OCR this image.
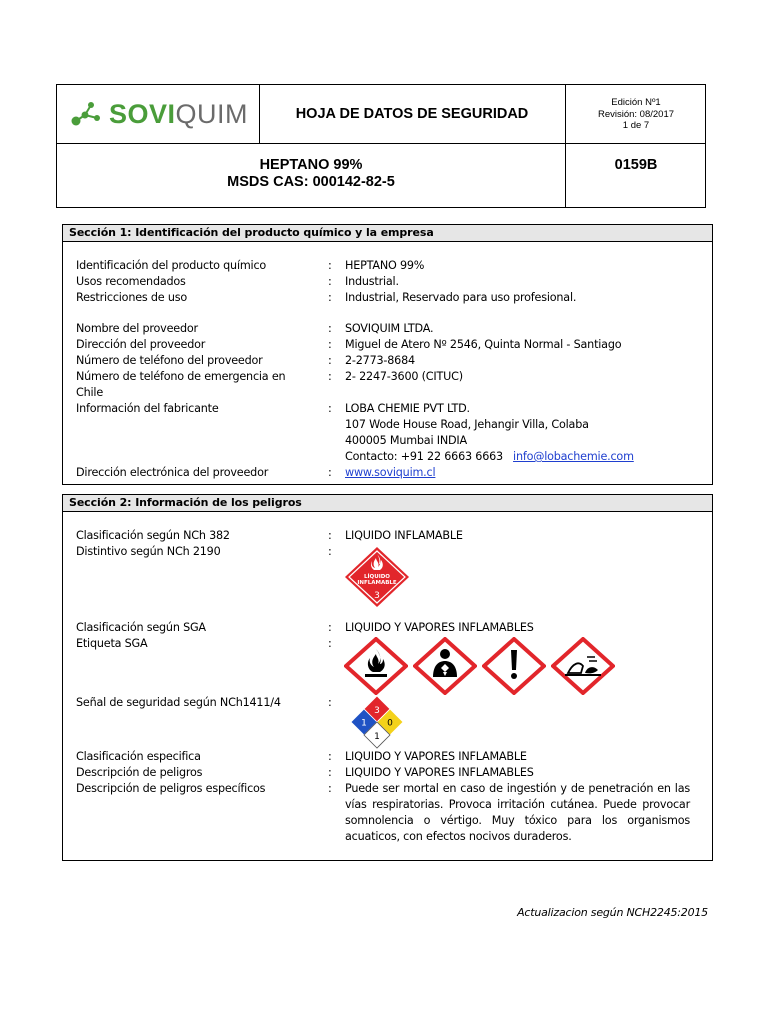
SOVIQUIM	HOJA DE DATOS DE SEGURIDAD
Edición Nº1
Revisión: 08/2017
1 de 7
HEPTANO 99%
MSDS CAS: 000142-82-5
0159B
Sección 1: Identificación del producto químico y la empresa
Identificación del producto químico	: HEPTANO 99%
Usos recomendados	: Industrial.
Restricciones de uso	: Industrial, Reservado para uso profesional.
Nombre del proveedor	: SOVIQUIM LTDA.
Dirección del proveedor	: Miguel de Atero Nº 2546, Quinta Normal - Santiago
Número de teléfono del proveedor	: 2-2773-8684
Número de teléfono de emergencia en Chile
: 2- 2247-3600 (CITUC)
Información del fabricante	: LOBA CHEMIE PVT LTD.
107 Wode House Road, Jehangir Villa, Colaba
400005 Mumbai INDIA
Contacto: +91 22 6663 6663 info@lobachemie.com
Dirección electrónica del proveedor	: www.soviquim.cl
Sección 2: Información de los peligros
Clasificación según NCh 382	: LIQUIDO INFLAMABLE
Distintivo según NCh 2190	:
LÍQUIDO
INFLAMABLE
3
Clasificación según SGA	: LIQUIDO Y VAPORES INFLAMABLES
Etiqueta SGA	:
Señal de seguridad según NCh1411/4	:
3
1 0
1
Clasificación especifica	: LIQUIDO Y VAPORES INFLAMABLE
Descripción de peligros	: LIQUIDO Y VAPORES INFLAMABLES
Descripción de peligros específicos	: Puede ser mortal en caso de ingestión y de penetración en las vías respiratorias. Provoca irritación cutánea. Puede provocar somnolencia o vértigo. Muy tóxico para los organismos acuaticos, con efectos nocivos duraderos.
Actualizacion según NCH2245:2015
